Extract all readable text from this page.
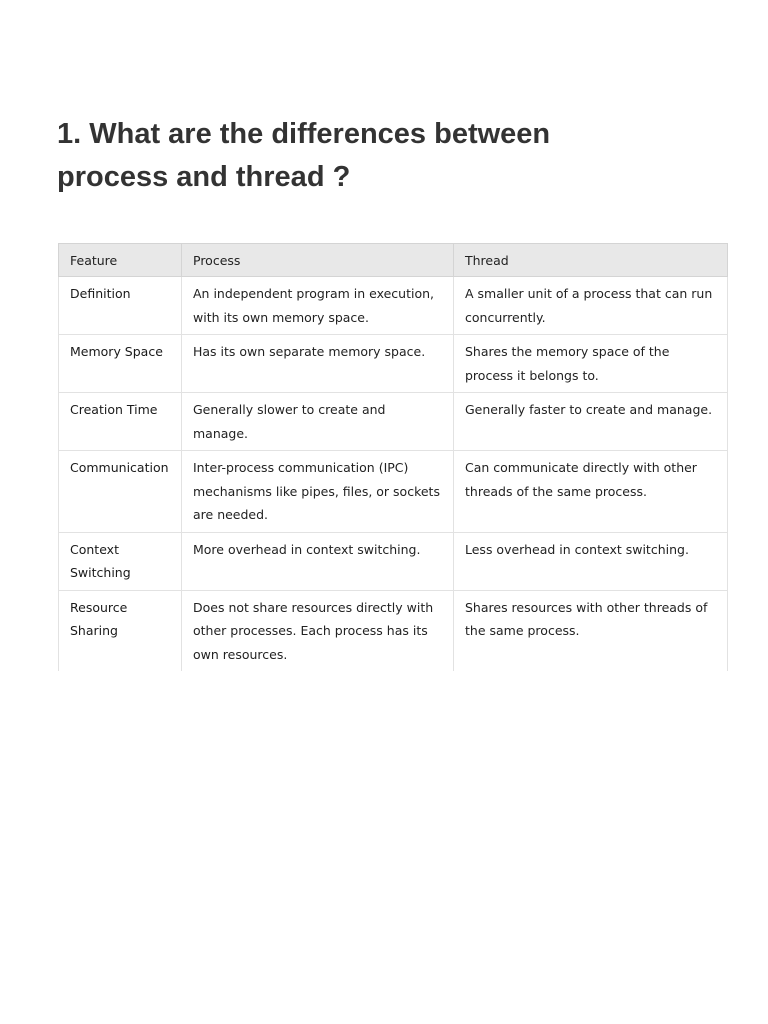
1. What are the differences between
process and thread ?
Feature	Process	Thread
Definition	An independent program in execution, with its own memory space.	A smaller unit of a process that can run concurrently.
Memory Space	Has its own separate memory space.	Shares the memory space of the process it belongs to.
Creation Time	Generally slower to create and manage.	Generally faster to create and manage.
Communication	Inter-process communication (IPC) mechanisms like pipes, files, or sockets are needed.	Can communicate directly with other threads of the same process.
Context Switching	More overhead in context switching.	Less overhead in context switching.
Resource Sharing	Does not share resources directly with other processes. Each process has its own resources.	Shares resources with other threads of the same process.
